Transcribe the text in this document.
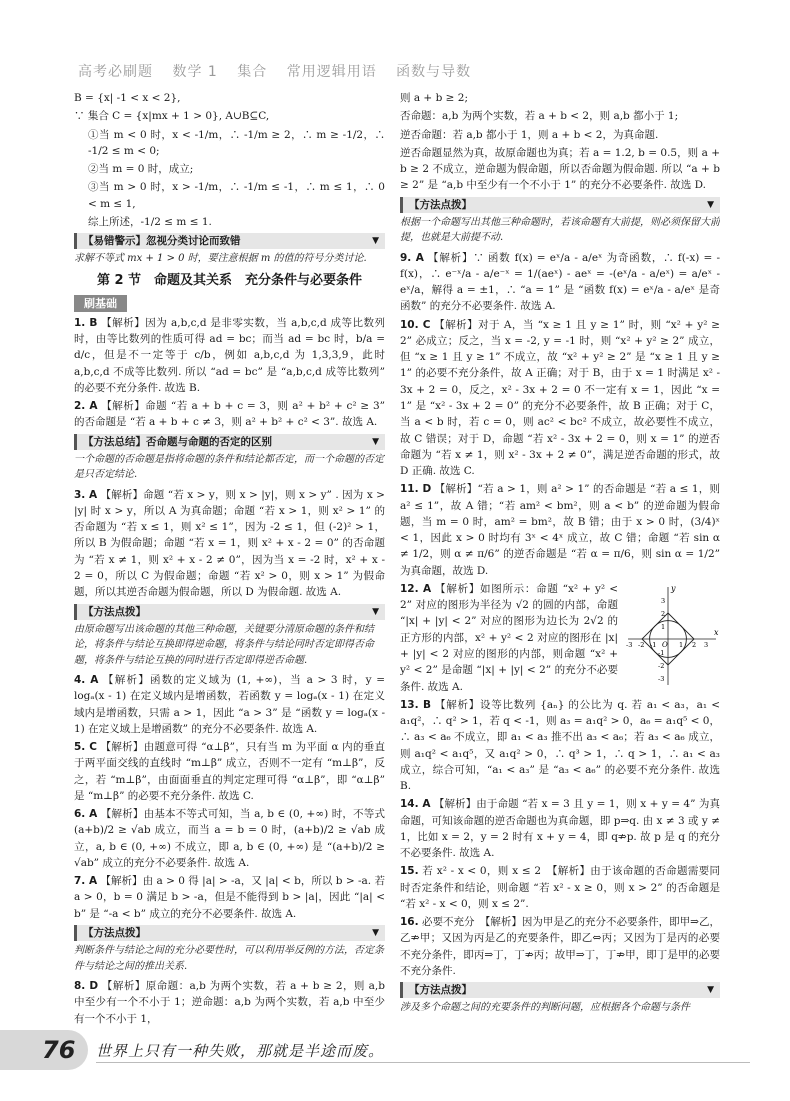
高考必刷题 数学 1 集合 常用逻辑用语 函数与导数

B = {x| -1 < x < 2},

∵ 集合 C = {x|mx + 1 > 0}, A∪B⊆C,

①当 m < 0 时，x < -1/m，∴ -1/m ≥ 2，∴ m ≥ -1/2，∴ -1/2 ≤ m < 0;

②当 m = 0 时，成立;

③当 m > 0 时，x > -1/m，∴ -1/m ≤ -1，∴ m ≤ 1，∴ 0 < m ≤ 1,

综上所述，-1/2 ≤ m ≤ 1.

【易错警示】忽视分类讨论而致错	▼

求解不等式 mx + 1 > 0 时，要注意根据 m 的值的符号分类讨论.

第 2 节　命题及其关系　充分条件与必要条件
刷基础

1. B 【解析】因为 a,b,c,d 是非零实数，当 a,b,c,d 成等比数列时，由等比数列的性质可得 ad = bc；而当 ad = bc 时，b/a = d/c，但是不一定等于 c/b，例如 a,b,c,d 为 1,3,3,9，此时 a,b,c,d 不成等比数列. 所以 “ad = bc” 是 “a,b,c,d 成等比数列” 的必要不充分条件. 故选 B.

2. A 【解析】命题 “若 a + b + c = 3，则 a² + b² + c² ≥ 3” 的否命题是 “若 a + b + c ≠ 3，则 a² + b² + c² < 3”. 故选 A.

【方法总结】否命题与命题的否定的区别	▼

一个命题的否命题是指将命题的条件和结论都否定，而一个命题的否定是只否定结论.

3. A 【解析】命题 “若 x > y，则 x > |y|，则 x > y” . 因为 x > |y| 时 x > y，所以 A 为真命题；命题 “若 x > 1，则 x² > 1” 的否命题为 “若 x ≤ 1，则 x² ≤ 1”，因为 -2 ≤ 1，但 (-2)² > 1，所以 B 为假命题；命题 “若 x = 1，则 x² + x - 2 = 0” 的否命题为 “若 x ≠ 1，则 x² + x - 2 ≠ 0”，因为当 x = -2 时，x² + x - 2 = 0，所以 C 为假命题；命题 “若 x² > 0，则 x > 1” 为假命题，所以其逆否命题为假命题，所以 D 为假命题. 故选 A.

【方法点拨】	▼

由原命题写出该命题的其他三种命题，关键要分清原命题的条件和结论，将条件与结论互换即得逆命题，将条件与结论同时否定即得否命题，将条件与结论互换的同时进行否定即得逆否命题.

4. A 【解析】函数的定义域为 (1, +∞)，当 a > 3 时，y = logₐ(x - 1) 在定义域内是增函数，若函数 y = logₐ(x - 1) 在定义域内是增函数，只需 a > 1，因此 “a > 3” 是 “函数 y = logₐ(x - 1) 在定义域上是增函数” 的充分不必要条件. 故选 A.

5. C 【解析】由题意可得 “α⊥β”，只有当 m 为平面 α 内的垂直于两平面交线的直线时 “m⊥β” 成立，否则不一定有 “m⊥β”，反之，若 “m⊥β”，由面面垂直的判定定理可得 “α⊥β”，即 “α⊥β” 是 “m⊥β” 的必要不充分条件. 故选 C.

6. A 【解析】由基本不等式可知，当 a, b ∈ (0, +∞) 时，不等式 (a+b)/2 ≥ √ab 成立，而当 a = b = 0 时，(a+b)/2 ≥ √ab 成立，a, b ∈ (0, +∞) 不成立，即 a, b ∈ (0, +∞) 是 “(a+b)/2 ≥ √ab” 成立的充分不必要条件. 故选 A.

7. A 【解析】由 a > 0 得 |a| > -a，又 |a| < b，所以 b > -a. 若 a > 0，b = 0 满足 b > -a，但是不能得到 b > |a|，因此 “|a| < b” 是 “-a < b” 成立的充分不必要条件. 故选 A.

【方法点拨】	▼

判断条件与结论之间的充分必要性时，可以利用举反例的方法，否定条件与结论之间的推出关系.

8. D 【解析】原命题：a,b 为两个实数，若 a + b ≥ 2，则 a,b 中至少有一个不小于 1；逆命题：a,b 为两个实数，若 a,b 中至少有一个不小于 1，

则 a + b ≥ 2;

否命题：a,b 为两个实数，若 a + b < 2，则 a,b 都小于 1;

逆否命题：若 a,b 都小于 1，则 a + b < 2，为真命题.

逆否命题显然为真，故原命题也为真；若 a = 1.2, b = 0.5，则 a + b ≥ 2 不成立，逆命题为假命题，所以否命题为假命题. 所以 “a + b ≥ 2” 是 “a,b 中至少有一个不小于 1” 的充分不必要条件. 故选 D.

【方法点拨】	▼

根据一个命题写出其他三种命题时，若该命题有大前提，则必须保留大前提，也就是大前提不动.

9. A 【解析】∵ 函数 f(x) = eˣ/a - a/eˣ 为奇函数，∴ f(-x) = -f(x)，∴ e⁻ˣ/a - a/e⁻ˣ = 1/(aeˣ) - aeˣ = -(eˣ/a - a/eˣ) = a/eˣ - eˣ/a，解得 a = ±1，∴ “a = 1” 是 “函数 f(x) = eˣ/a - a/eˣ 是奇函数” 的充分不必要条件. 故选 A.

10. C 【解析】对于 A，当 “x ≥ 1 且 y ≥ 1” 时，则 “x² + y² ≥ 2” 必成立；反之，当 x = -2, y = -1 时，则 “x² + y² ≥ 2” 成立，但 “x ≥ 1 且 y ≥ 1” 不成立，故 “x² + y² ≥ 2” 是 “x ≥ 1 且 y ≥ 1” 的必要不充分条件，故 A 正确；对于 B，由于 x = 1 时满足 x² - 3x + 2 = 0，反之，x² - 3x + 2 = 0 不一定有 x = 1，因此 “x = 1” 是 “x² - 3x + 2 = 0” 的充分不必要条件，故 B 正确；对于 C，当 a < b 时，若 c = 0，则 ac² < bc² 不成立，故必要性不成立，故 C 错误；对于 D，命题 “若 x² - 3x + 2 = 0，则 x = 1” 的逆否命题为 “若 x ≠ 1，则 x² - 3x + 2 ≠ 0”，满足逆否命题的形式，故 D 正确. 故选 C.

11. D 【解析】“若 a > 1，则 a² > 1” 的否命题是 “若 a ≤ 1，则 a² ≤ 1”，故 A 错；“若 am² < bm²，则 a < b” 的逆命题为假命题，当 m = 0 时，am² = bm²，故 B 错；由于 x > 0 时，(3/4)ˣ < 1，因此 x > 0 时均有 3ˣ < 4ˣ 成立，故 C 错；命题 “若 sin α ≠ 1/2，则 α ≠ π/6” 的逆否命题是 “若 α = π/6，则 sin α = 1/2” 为真命题，故选 D.

x
y
O
-3 -2 -1	1 2 3
3
2
1
-1
-2
-3
12. A 【解析】如图所示：命题 “x² + y² < 2” 对应的图形为半径为 √2 的圆的内部，命题 “|x| + |y| < 2” 对应的图形为边长为 2√2 的正方形的内部，x² + y² < 2 对应的图形在 |x| + |y| < 2 对应的图形的内部，则命题 “x² + y² < 2” 是命题 “|x| + |y| < 2” 的充分不必要条件. 故选 A.

13. B 【解析】设等比数列 {aₙ} 的公比为 q. 若 a₁ < a₃，a₁ < a₁q²，∴ q² > 1，若 q < -1，则 a₃ = a₁q² > 0，a₆ = a₁q⁵ < 0，∴ a₃ < a₆ 不成立，即 a₁ < a₃ 推不出 a₃ < a₆；若 a₃ < a₆ 成立，则 a₁q² < a₁q⁵，又 a₁q² > 0，∴ q³ > 1，∴ q > 1，∴ a₁ < a₃ 成立，综合可知，“a₁ < a₃” 是 “a₃ < a₆” 的必要不充分条件. 故选 B.

14. A 【解析】由于命题 “若 x = 3 且 y = 1，则 x + y = 4” 为真命题，可知该命题的逆否命题也为真命题，即 p⇒q. 由 x ≠ 3 或 y ≠ 1，比如 x = 2，y = 2 时有 x + y = 4，即 q⇏p. 故 p 是 q 的充分不必要条件. 故选 A.

15. 若 x² - x < 0，则 x ≤ 2　【解析】由于该命题的否命题需要同时否定条件和结论，则命题 “若 x² - x ≥ 0，则 x > 2” 的否命题是 “若 x² - x < 0，则 x ≤ 2”.

16. 必要不充分　【解析】因为甲是乙的充分不必要条件，即甲⇒乙，乙⇏甲；又因为丙是乙的充要条件，即乙⇔丙；又因为丁是丙的必要不充分条件，即丙⇒丁，丁⇏丙；故甲⇒丁，丁⇏甲，即丁是甲的必要不充分条件.

【方法点拨】	▼

涉及多个命题之间的充要条件的判断问题，应根据各个命题与条件

76 世界上只有一种失败，那就是半途而废。
